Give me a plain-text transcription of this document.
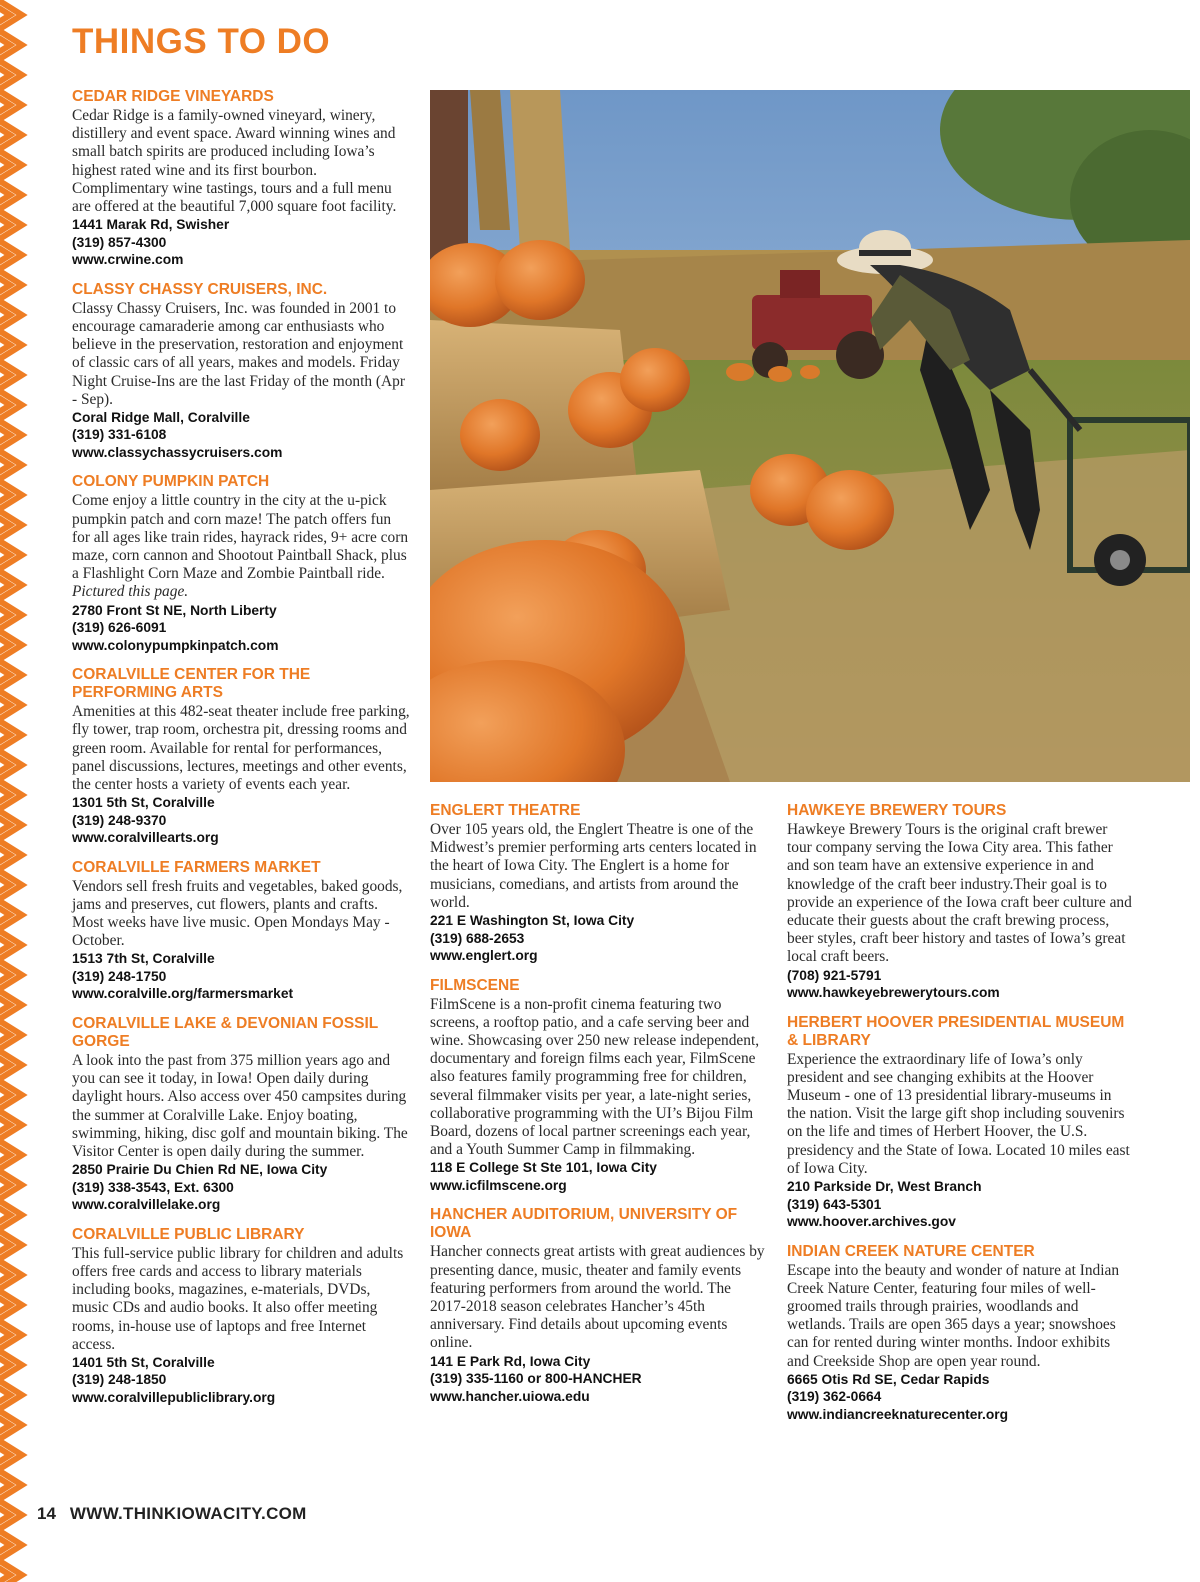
THINGS TO DO
CEDAR RIDGE VINEYARDS

Cedar Ridge is a family-owned vineyard, winery, distillery and event space. Award winning wines and small batch spirits are produced including Iowa’s highest rated wine and its first bourbon. Complimentary wine tastings, tours and a full menu are offered at the beautiful 7,000 square foot facility.

1441 Marak Rd, Swisher
(319) 857-4300
www.crwine.com
CLASSY CHASSY CRUISERS, INC.

Classy Chassy Cruisers, Inc. was founded in 2001 to encourage camaraderie among car enthusiasts who believe in the preservation, restoration and enjoyment of classic cars of all years, makes and models. Friday Night Cruise-Ins are the last Friday of the month (Apr - Sep).

Coral Ridge Mall, Coralville
(319) 331-6108
www.classychassycruisers.com
COLONY PUMPKIN PATCH

Come enjoy a little country in the city at the u-pick pumpkin patch and corn maze! The patch offers fun for all ages like train rides, hayrack rides, 9+ acre corn maze, corn cannon and Shootout Paintball Shack, plus a Flashlight Corn Maze and Zombie Paintball ride. Pictured this page.

2780 Front St NE, North Liberty
(319) 626-6091
www.colonypumpkinpatch.com
CORALVILLE CENTER FOR THE PERFORMING ARTS

Amenities at this 482-seat theater include free parking, fly tower, trap room, orchestra pit, dressing rooms and green room. Available for rental for performances, panel discussions, lectures, meetings and other events, the center hosts a variety of events each year.

1301 5th St, Coralville
(319) 248-9370
www.coralvillearts.org
CORALVILLE FARMERS MARKET

Vendors sell fresh fruits and vegetables, baked goods, jams and preserves, cut flowers, plants and crafts. Most weeks have live music. Open Mondays May - October.

1513 7th St, Coralville
(319) 248-1750
www.coralville.org/farmersmarket
CORALVILLE LAKE & DEVONIAN FOSSIL GORGE

A look into the past from 375 million years ago and you can see it today, in Iowa! Open daily during daylight hours. Also access over 450 campsites during the summer at Coralville Lake. Enjoy boating, swimming, hiking, disc golf and mountain biking. The Visitor Center is open daily during the summer.

2850 Prairie Du Chien Rd NE, Iowa City
(319) 338-3543, Ext. 6300
www.coralvillelake.org
CORALVILLE PUBLIC LIBRARY

This full-service public library for children and adults offers free cards and access to library materials including books, magazines, e-materials, DVDs, music CDs and audio books. It also offer meeting rooms, in-house use of laptops and free Internet access.

1401 5th St, Coralville
(319) 248-1850
www.coralvillepubliclibrary.org
ENGLERT THEATRE

Over 105 years old, the Englert Theatre is one of the Midwest’s premier performing arts centers located in the heart of Iowa City. The Englert is a home for musicians, comedians, and artists from around the world.

221 E Washington St, Iowa City
(319) 688-2653
www.englert.org
FILMSCENE

FilmScene is a non-profit cinema featuring two screens, a rooftop patio, and a cafe serving beer and wine. Showcasing over 250 new release independent, documentary and foreign films each year, FilmScene also features family programming free for children, several filmmaker visits per year, a late-night series, collaborative programming with the UI’s Bijou Film Board, dozens of local partner screenings each year, and a Youth Summer Camp in filmmaking.

118 E College St Ste 101, Iowa City
www.icfilmscene.org
HANCHER AUDITORIUM, UNIVERSITY OF IOWA

Hancher connects great artists with great audiences by presenting dance, music, theater and family events featuring performers from around the world. The 2017-2018 season celebrates Hancher’s 45th anniversary. Find details about upcoming events online.

141 E Park Rd, Iowa City
(319) 335-1160 or 800-HANCHER
www.hancher.uiowa.edu
HAWKEYE BREWERY TOURS

Hawkeye Brewery Tours is the original craft brewer tour company serving the Iowa City area. This father and son team have an extensive experience in and knowledge of the craft beer industry.Their goal is to provide an experience of the Iowa craft beer culture and educate their guests about the craft brewing process, beer styles, craft beer history and tastes of Iowa’s great local craft beers.

(708) 921-5791
www.hawkeyebrewerytours.com
HERBERT HOOVER PRESIDENTIAL MUSEUM & LIBRARY

Experience the extraordinary life of Iowa’s only president and see changing exhibits at the Hoover Museum - one of 13 presidential library-museums in the nation. Visit the large gift shop including souvenirs on the life and times of Herbert Hoover, the U.S. presidency and the State of Iowa. Located 10 miles east of Iowa City.

210 Parkside Dr, West Branch
(319) 643-5301
www.hoover.archives.gov
INDIAN CREEK NATURE CENTER

Escape into the beauty and wonder of nature at Indian Creek Nature Center, featuring four miles of well-groomed trails through prairies, woodlands and wetlands. Trails are open 365 days a year; snowshoes can for rented during winter months. Indoor exhibits and Creekside Shop are open year round.

6665 Otis Rd SE, Cedar Rapids
(319) 362-0664
www.indiancreeknaturecenter.org
14 WWW.THINKIOWACITY.COM
